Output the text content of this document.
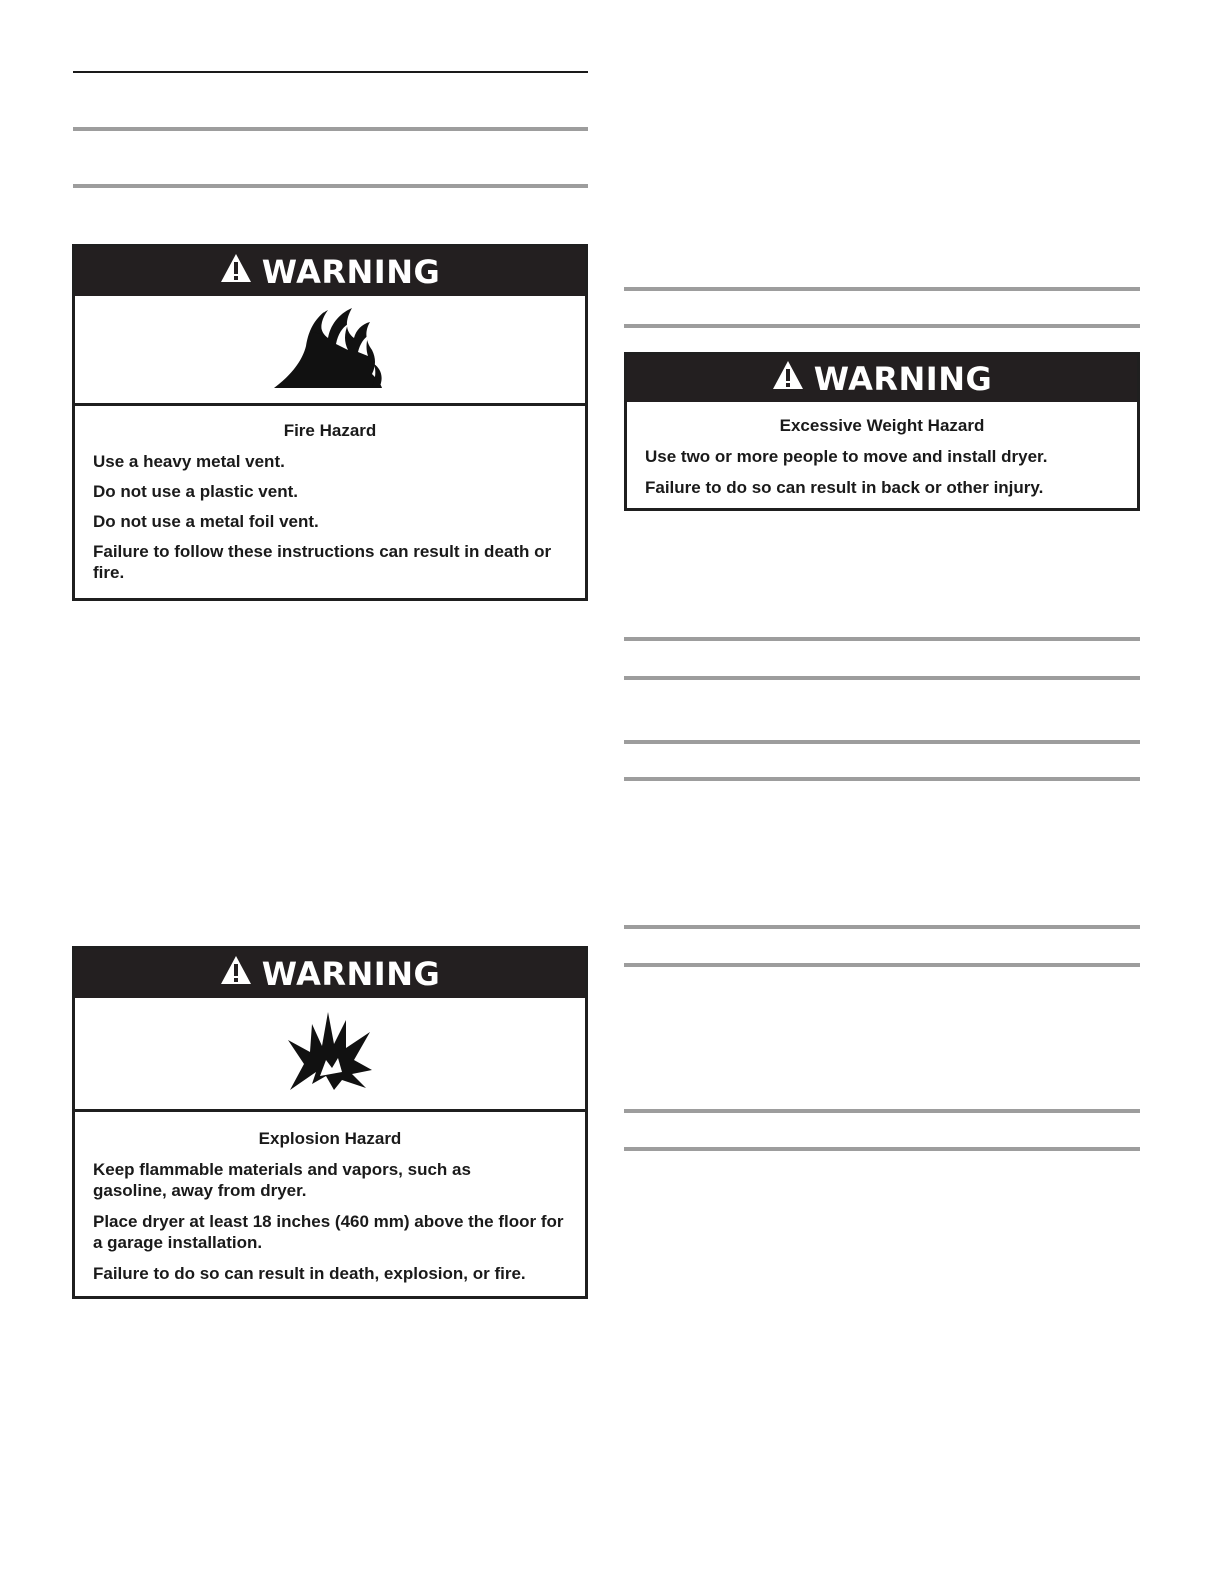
WARNING
Fire Hazard
Use a heavy metal vent.
Do not use a plastic vent.
Do not use a metal foil vent.
Failure to follow these instructions can result in death or fire.
WARNING
Explosion Hazard
Keep flammable materials and vapors, such as gasoline, away from dryer.
Place dryer at least 18 inches (460 mm) above the floor for a garage installation.
Failure to do so can result in death, explosion, or fire.
WARNING
Excessive Weight Hazard
Use two or more people to move and install dryer.
Failure to do so can result in back or other injury.
